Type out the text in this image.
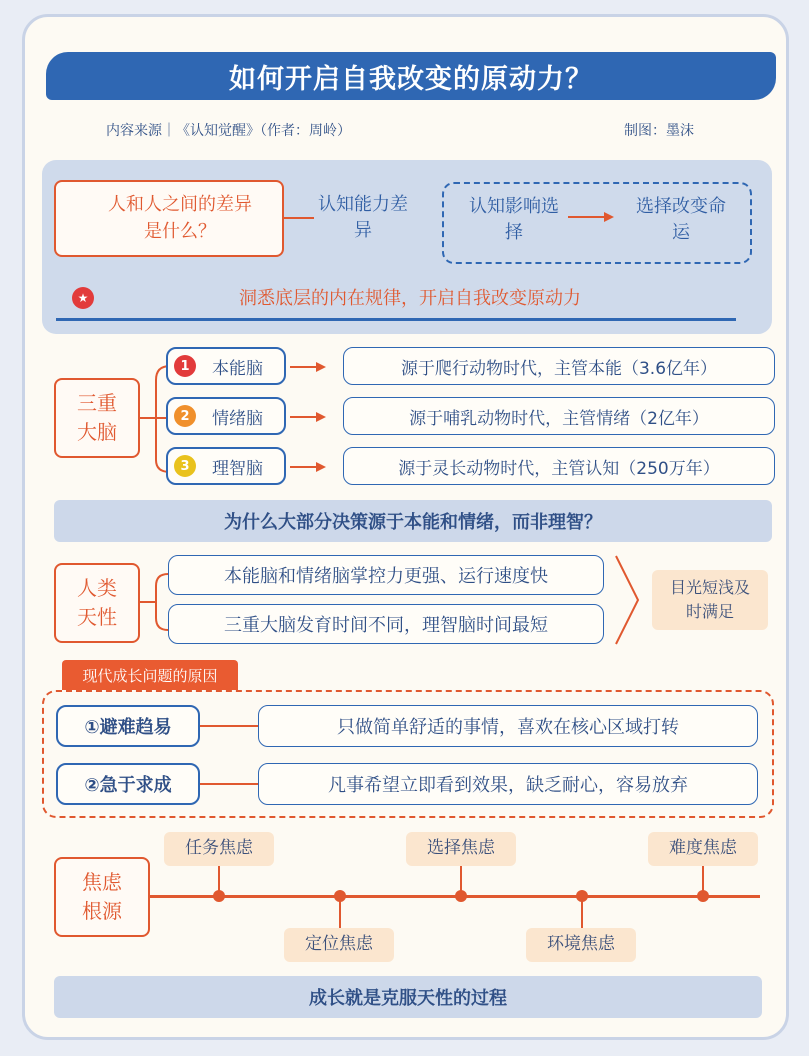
如何开启自我改变的原动力？
内容来源｜《认知觉醒》（作者：周岭）	制图：墨沫
人和人之间的差异是什么？
认知能力差异
认知影响选择
选择改变命运
★	洞悉底层的内在规律，开启自我改变原动力
三重大脑
1	本能脑	源于爬行动物时代，主管本能（3.6亿年）
2	情绪脑	源于哺乳动物时代，主管情绪（2亿年）
3	理智脑	源于灵长动物时代，主管认知（250万年）
为什么大部分决策源于本能和情绪，而非理智？
人类天性
本能脑和情绪脑掌控力更强、运行速度快
三重大脑发育时间不同，理智脑时间最短
目光短浅及时满足
现代成长问题的原因
①避难趋易	只做简单舒适的事情，喜欢在核心区域打转
②急于求成	凡事希望立即看到效果，缺乏耐心，容易放弃
焦虑根源
任务焦虑	选择焦虑	难度焦虑
定位焦虑	环境焦虑
成长就是克服天性的过程
